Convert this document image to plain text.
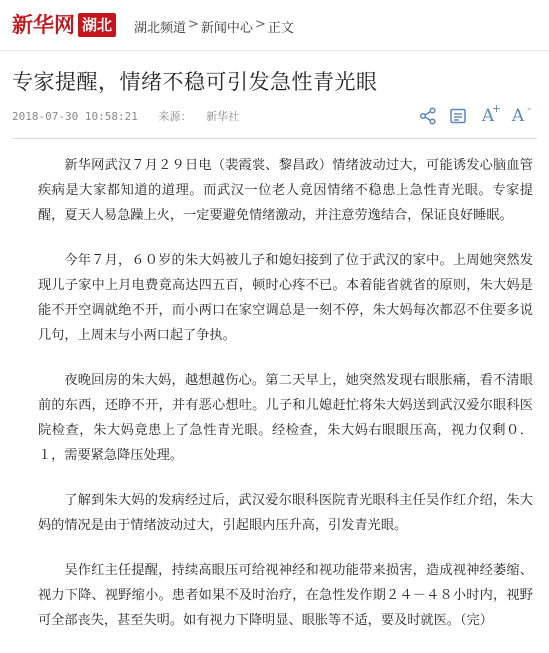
新华网 湖北	湖北频道 > 新闻中心 > 正文
专家提醒，情绪不稳可引发急性青光眼
2018-07-30 10:58:21 来源： 新华社	A
+ A -

新华网武汉７月２９日电（裴霞裳、黎昌政）情绪波动过大，可能诱发心脑血管疾病是大家都知道的道理。而武汉一位老人竟因情绪不稳患上急性青光眼。专家提醒，夏天人易急躁上火，一定要避免情绪激动，并注意劳逸结合，保证良好睡眠。

今年７月，６０岁的朱大妈被儿子和媳妇接到了位于武汉的家中。上周她突然发现儿子家中上月电费竟高达四五百，顿时心疼不已。本着能省就省的原则，朱大妈是能不开空调就绝不开，而小两口在家空调总是一刻不停，朱大妈每次都忍不住要多说几句，上周末与小两口起了争执。

夜晚回房的朱大妈，越想越伤心。第二天早上，她突然发现右眼胀痛，看不清眼前的东西，还睁不开，并有恶心想吐。儿子和儿媳赶忙将朱大妈送到武汉爱尔眼科医院检查，朱大妈竟患上了急性青光眼。经检查，朱大妈右眼眼压高，视力仅剩０．１，需要紧急降压处理。

了解到朱大妈的发病经过后，武汉爱尔眼科医院青光眼科主任吴作红介绍，朱大妈的情况是由于情绪波动过大，引起眼内压升高，引发青光眼。

吴作红主任提醒，持续高眼压可给视神经和视功能带来损害，造成视神经萎缩、视力下降、视野缩小。患者如果不及时治疗，在急性发作期２４－４８小时内，视野可全部丧失，甚至失明。如有视力下降明显、眼胀等不适，要及时就医。（完）
